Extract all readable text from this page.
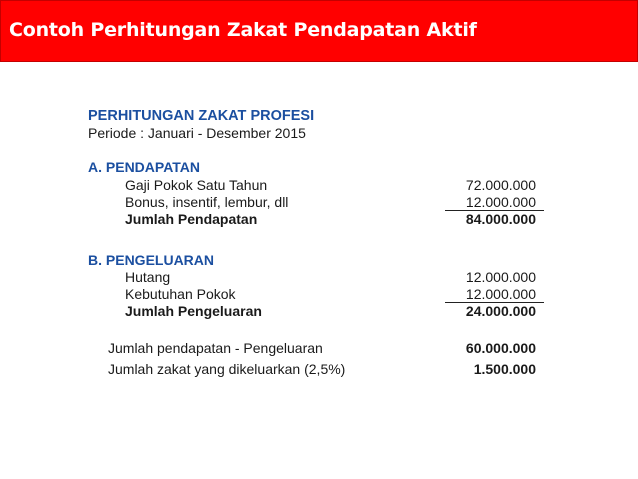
Contoh Perhitungan Zakat Pendapatan Aktif
PERHITUNGAN ZAKAT PROFESI
Periode : Januari - Desember 2015
A. PENDAPATAN
Gaji Pokok Satu Tahun	72.000.000
Bonus, insentif, lembur, dll	12.000.000
Jumlah Pendapatan	84.000.000
B. PENGELUARAN
Hutang	12.000.000
Kebutuhan Pokok	12.000.000
Jumlah Pengeluaran	24.000.000
Jumlah pendapatan - Pengeluaran	60.000.000
Jumlah zakat yang dikeluarkan (2,5%)	1.500.000
